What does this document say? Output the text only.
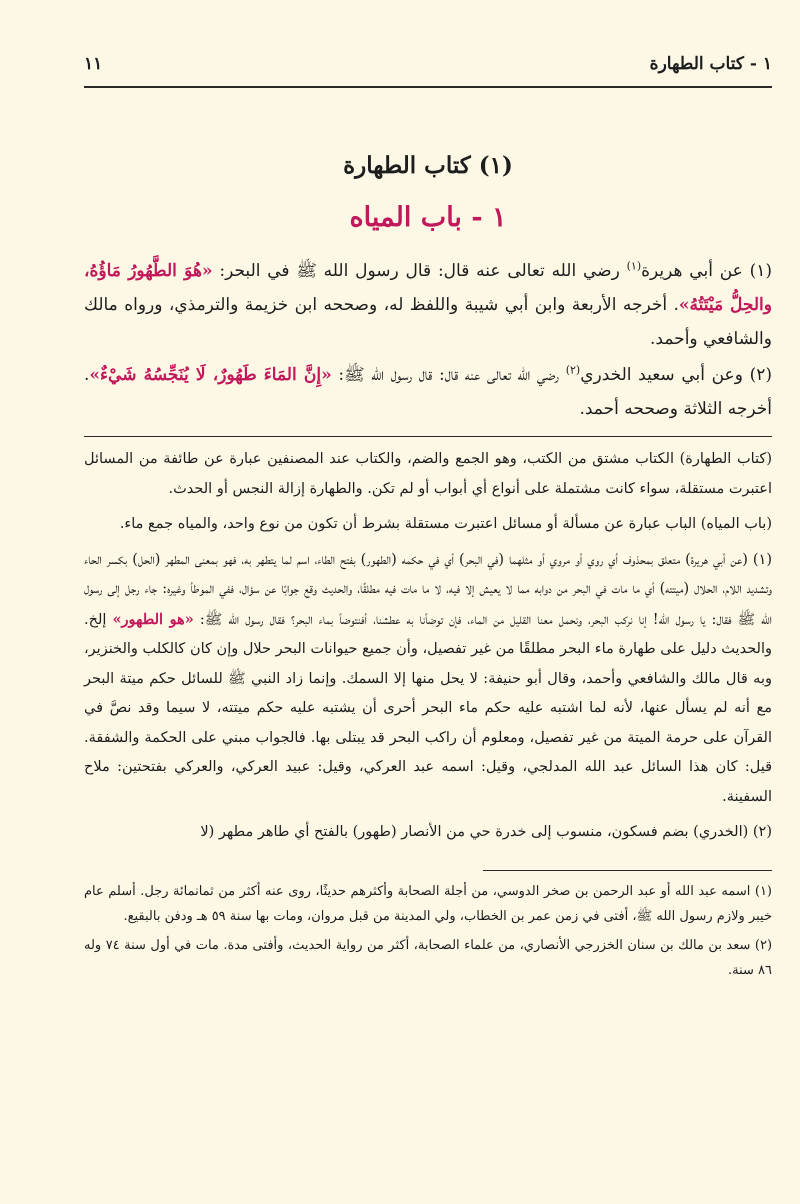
١ - كتاب الطهارة
١١
(١) كتاب الطهارة
١ - باب المياه

(١) عن أبي هريرة$^{(١)}$ رضي الله تعالى عنه قال: قال رسول الله ﷺ في البحر: «هُوَ الطَّهُورُ مَاؤُهُ، والحِلُّ مَيْتَتُهُ». أخرجه الأربعة وابن أبي شيبة واللفظ له، وصححه ابن خزيمة والترمذي، ورواه مالك والشافعي وأحمد.

(٢) وعن أبي سعيد الخدري$^{(٢)}$ رضي الله تعالى عنه قال: قال رسول الله ﷺ: «إِنَّ المَاءَ طَهُورٌ، لَا يُنَجِّسُهُ شَيْءٌ». أخرجه الثلاثة وصححه أحمد.

(كتاب الطهارة) الكتاب مشتق من الكتب، وهو الجمع والضم، والكتاب عند المصنفين عبارة عن طائفة من المسائل اعتبرت مستقلة، سواء كانت مشتملة على أنواع أي أبواب أو لم تكن. والطهارة إزالة النجس أو الحدث.

(باب المياه) الباب عبارة عن مسألة أو مسائل اعتبرت مستقلة بشرط أن تكون من نوع واحد، والمياه جمع ماء.

(١) (عن أبي هريرة) متعلق بمحذوف أي روي أو مروي أو مثلهما (في البحر) أي في حكمه (الطهور) بفتح الطاء، اسم لما يتطهر به، فهو بمعنى المطهر (الحل) بكسر الحاء وتشديد اللام، الحلال (ميتته) أي ما مات في البحر من دوابه مما لا يعيش إلا فيه، لا ما مات فيه مطلقًا، والحديث وقع جوابًا عن سؤال، ففي الموطأ وغيره: جاء رجل إلى رسول الله ﷺ فقال: يا رسول الله! إنا نركب البحر، ونحمل معنا القليل من الماء، فإن توضأنا به عطشنا، أفنتوضأ بماء البحر؟ فقال رسول الله ﷺ: «هو الطهور» إلخ. والحديث دليل على طهارة ماء البحر مطلقًا من غير تفصيل، وأن جميع حيوانات البحر حلال وإن كان كالكلب والخنزير، وبه قال مالك والشافعي وأحمد، وقال أبو حنيفة: لا يحل منها إلا السمك. وإنما زاد النبي ﷺ للسائل حكم ميتة البحر مع أنه لم يسأل عنها، لأنه لما اشتبه عليه حكم ماء البحر أحرى أن يشتبه عليه حكم ميتته، لا سيما وقد نصَّ في القرآن على حرمة الميتة من غير تفصيل، ومعلوم أن راكب البحر قد يبتلى بها. فالجواب مبني على الحكمة والشفقة. قيل: كان هذا السائل عبد الله المدلجي، وقيل: اسمه عبد العركي، وقيل: عبيد العركي، والعركي بفتحتين: ملاح السفينة.

(٢) (الخدري) بضم فسكون، منسوب إلى خدرة حي من الأنصار (طهور) بالفتح أي طاهر مطهر (لا

(١) اسمه عبد الله أو عبد الرحمن بن صخر الدوسي، من أجلة الصحابة وأكثرهم حديثًا، روى عنه أكثر من ثمانمائة رجل. أسلم عام خيبر ولازم رسول الله ﷺ، أفتى في زمن عمر بن الخطاب، ولي المدينة من قبل مروان، ومات بها سنة ٥٩ هـ ودفن بالبقيع.

(٢) سعد بن مالك بن سنان الخزرجي الأنصاري، من علماء الصحابة، أكثر من رواية الحديث، وأفتى مدة. مات في أول سنة ٧٤ وله ٨٦ سنة.
